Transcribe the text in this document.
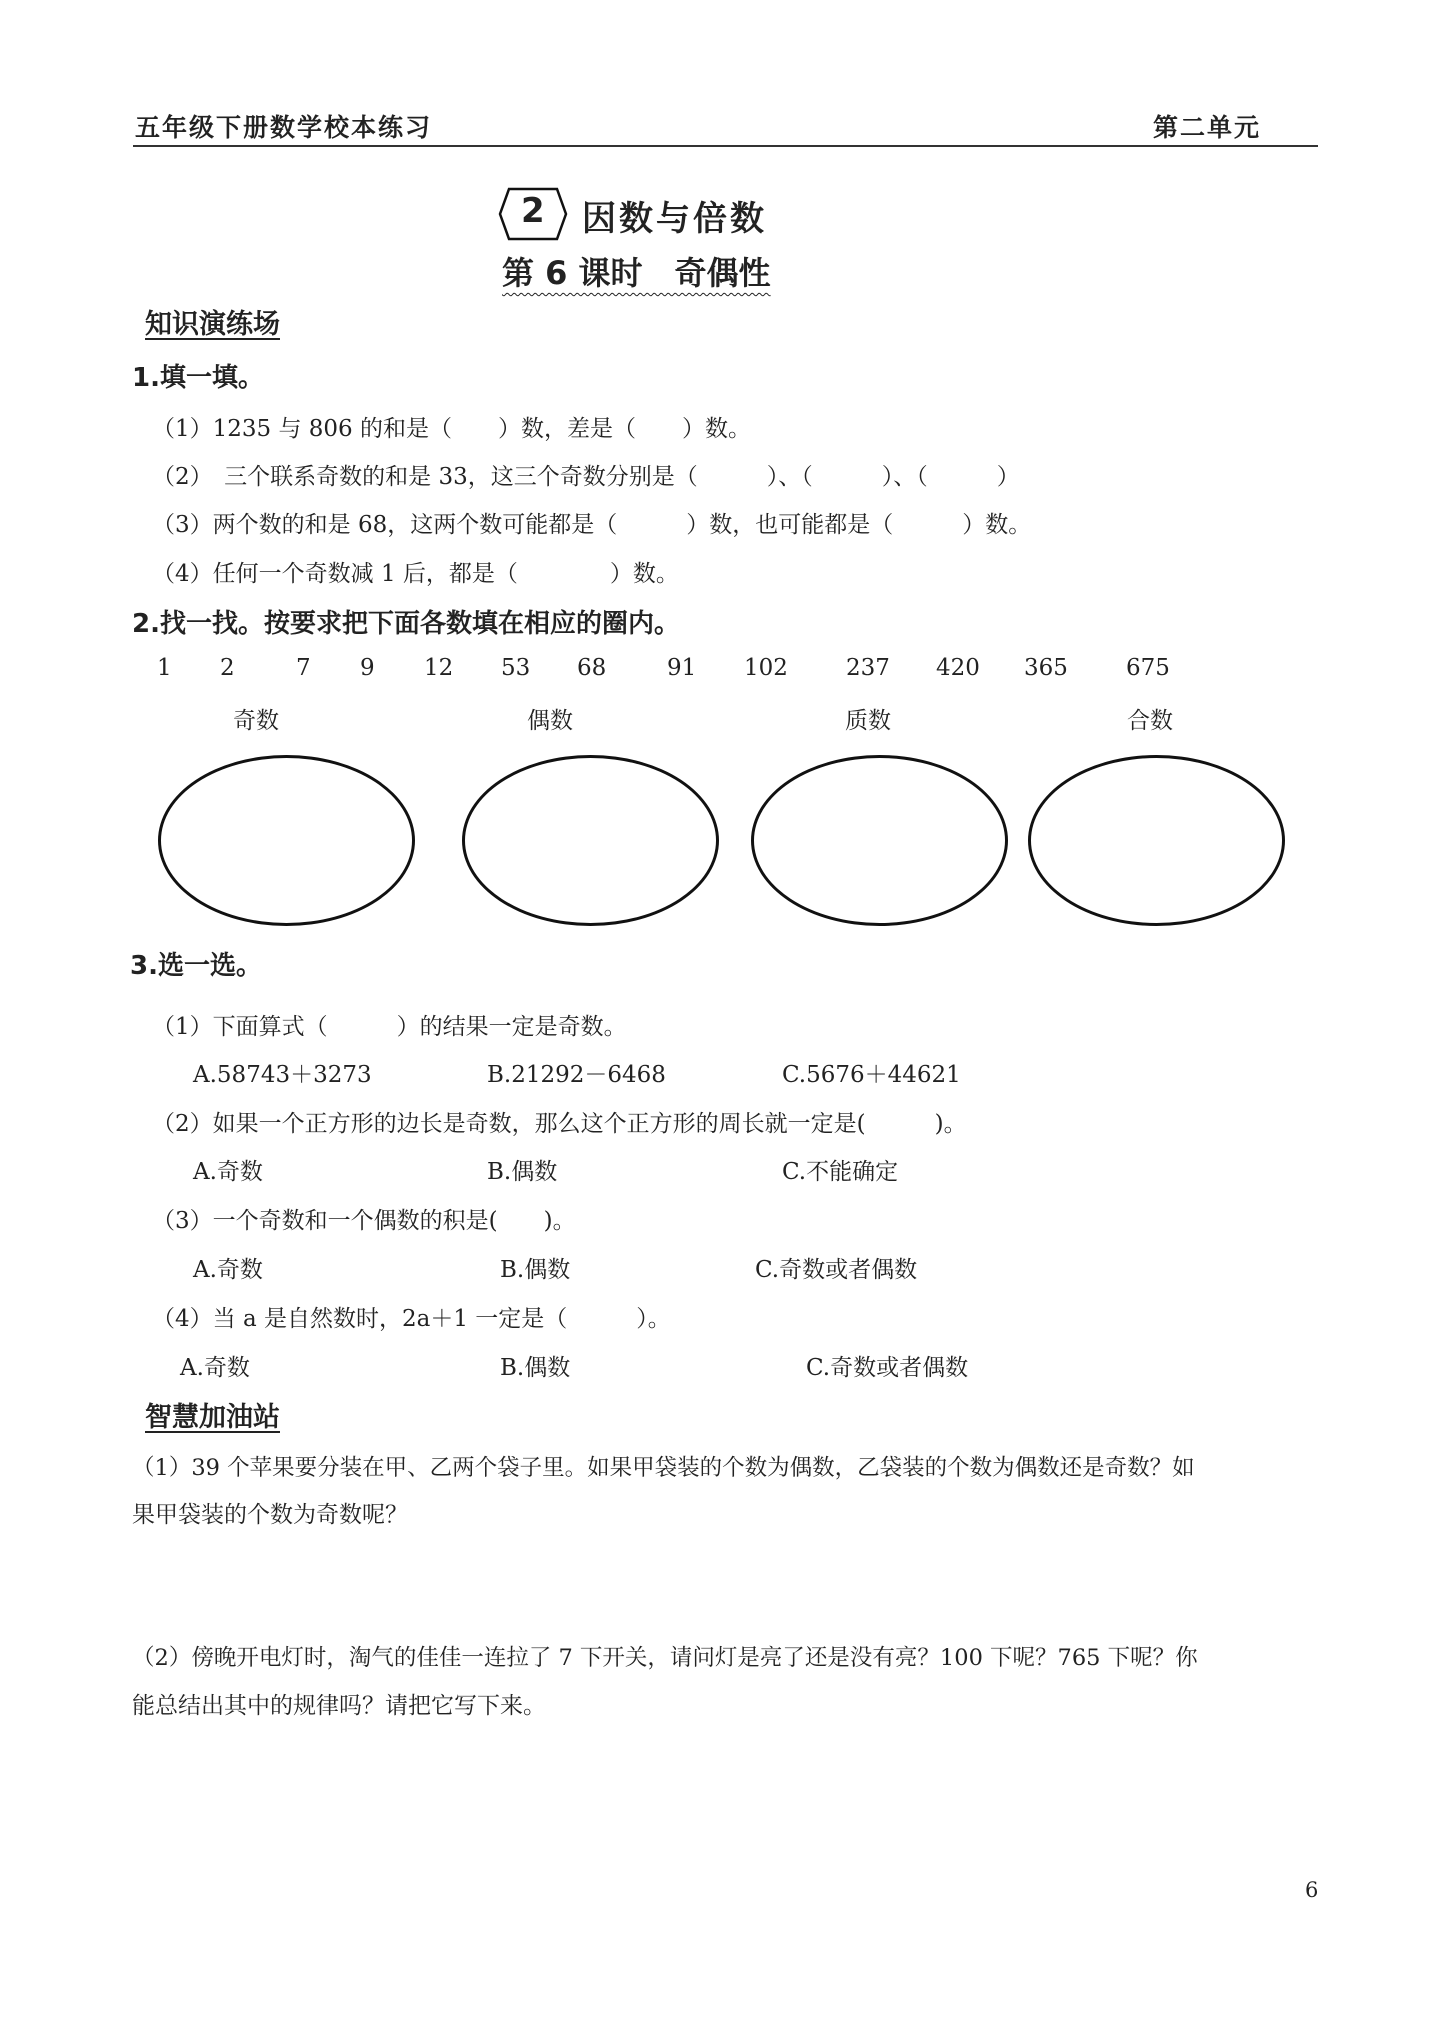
五年级下册数学校本练习	第二单元
2 因数与倍数
第 6 课时　奇偶性
知识演练场
1.填一填。
（1）1235 与 806 的和是（　　）数，差是（　　）数。
（2）　三个联系奇数的和是 33，这三个奇数分别是（　　　）、（　　　）、（　　　）
（3）两个数的和是 68，这两个数可能都是（　　　）数，也可能都是（　　　）数。
（4）任何一个奇数减 1 后，都是（　　　　）数。
2.找一找。按要求把下面各数填在相应的圈内。
1 2	7 9 12 53 68	91 102	237 420 365	675
奇数	偶数	质数	合数
3.选一选。
（1）下面算式（　　　）的结果一定是奇数。
A.58743＋3273	B.21292－6468	C.5676＋44621
（2）如果一个正方形的边长是奇数，那么这个正方形的周长就一定是(　　　)。
A.奇数	B.偶数	C.不能确定
（3）一个奇数和一个偶数的积是(　　)。
A.奇数	B.偶数	C.奇数或者偶数
（4）当 a 是自然数时，2a＋1 一定是（　　　）。
A.奇数	B.偶数	C.奇数或者偶数
智慧加油站
（1）39 个苹果要分装在甲、乙两个袋子里。如果甲袋装的个数为偶数，乙袋装的个数为偶数还是奇数？如
果甲袋装的个数为奇数呢？
（2）傍晚开电灯时，淘气的佳佳一连拉了 7 下开关，请问灯是亮了还是没有亮？100 下呢？765 下呢？你
能总结出其中的规律吗？请把它写下来。
6
